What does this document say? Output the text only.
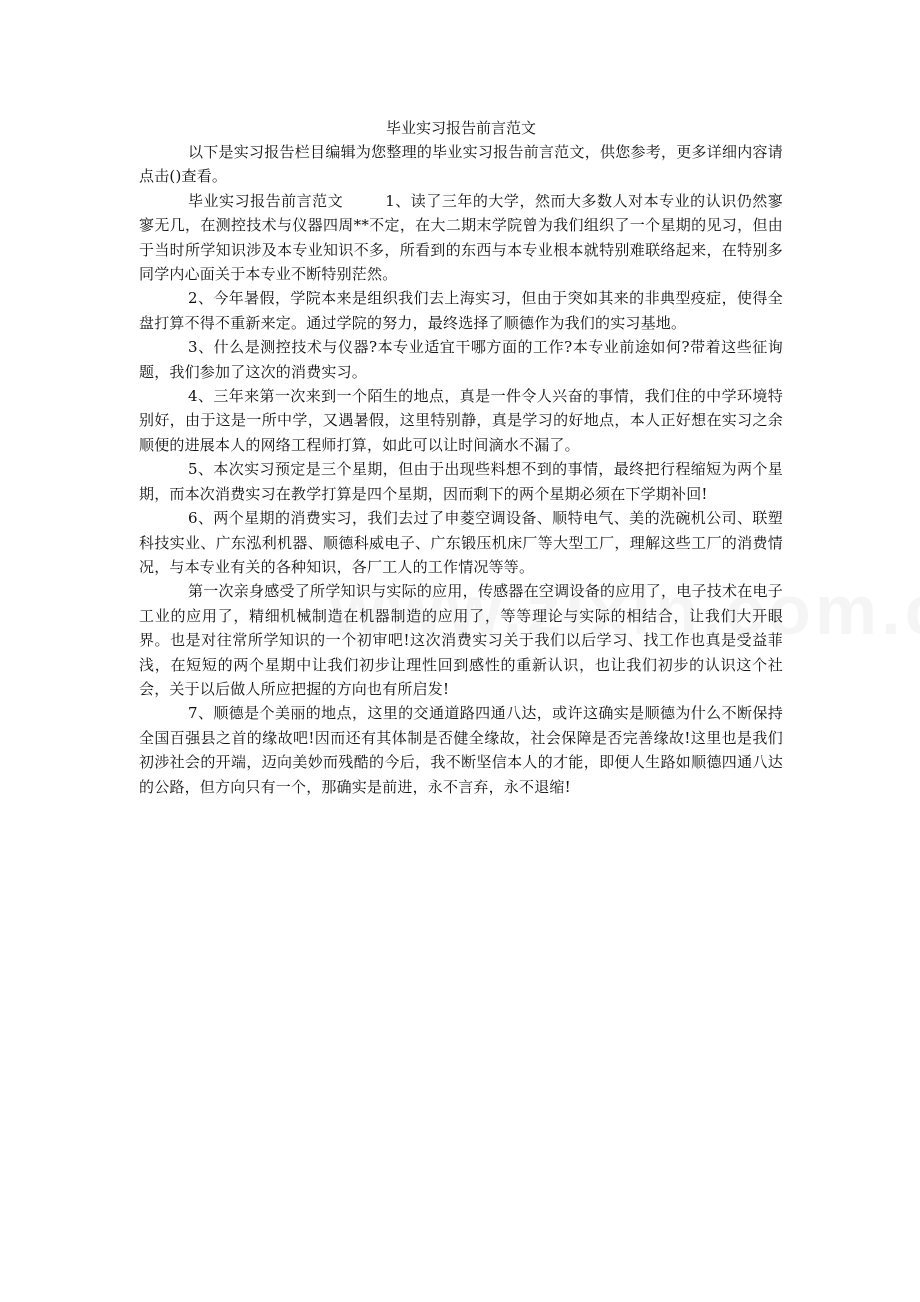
毕业实习报告前言范文

以下是实习报告栏目编辑为您整理的毕业实习报告前言范文，供您参考，更多详细内容请点击()查看。

毕业实习报告前言范文	1、读了三年的大学，然而大多数人对本专业的认识仍然寥寥无几，在测控技术与仪器四周**不定，在大二期末学院曾为我们组织了一个星期的见习，但由于当时所学知识涉及本专业知识不多，所看到的东西与本专业根本就特别难联络起来，在特别多同学内心面关于本专业不断特别茫然。

2、今年暑假，学院本来是组织我们去上海实习，但由于突如其来的非典型疫症，使得全盘打算不得不重新来定。通过学院的努力，最终选择了顺德作为我们的实习基地。

3、什么是测控技术与仪器?本专业适宜干哪方面的工作?本专业前途如何?带着这些征询题，我们参加了这次的消费实习。

4、三年来第一次来到一个陌生的地点，真是一件令人兴奋的事情，我们住的中学环境特别好，由于这是一所中学，又遇暑假，这里特别静，真是学习的好地点，本人正好想在实习之余顺便的进展本人的网络工程师打算，如此可以让时间滴水不漏了。

5、本次实习预定是三个星期，但由于出现些料想不到的事情，最终把行程缩短为两个星期，而本次消费实习在教学打算是四个星期，因而剩下的两个星期必须在下学期补回!

6、两个星期的消费实习，我们去过了申菱空调设备、顺特电气、美的洗碗机公司、联塑科技实业、广东泓利机器、顺德科威电子、广东锻压机床厂等大型工厂，理解这些工厂的消费情况，与本专业有关的各种知识，各厂工人的工作情况等等。

第一次亲身感受了所学知识与实际的应用，传感器在空调设备的应用了，电子技术在电子工业的应用了，精细机械制造在机器制造的应用了，等等理论与实际的相结合，让我们大开眼界。也是对往常所学知识的一个初审吧!这次消费实习关于我们以后学习、找工作也真是受益菲浅，在短短的两个星期中让我们初步让理性回到感性的重新认识，也让我们初步的认识这个社会，关于以后做人所应把握的方向也有所启发!

7、顺德是个美丽的地点，这里的交通道路四通八达，或许这确实是顺德为什么不断保持全国百强县之首的缘故吧!因而还有其体制是否健全缘故，社会保障是否完善缘故!这里也是我们初涉社会的开端，迈向美妙而残酷的今后，我不断坚信本人的才能，即便人生路如顺德四通八达的公路，但方向只有一个，那确实是前进，永不言弃，永不退缩!
